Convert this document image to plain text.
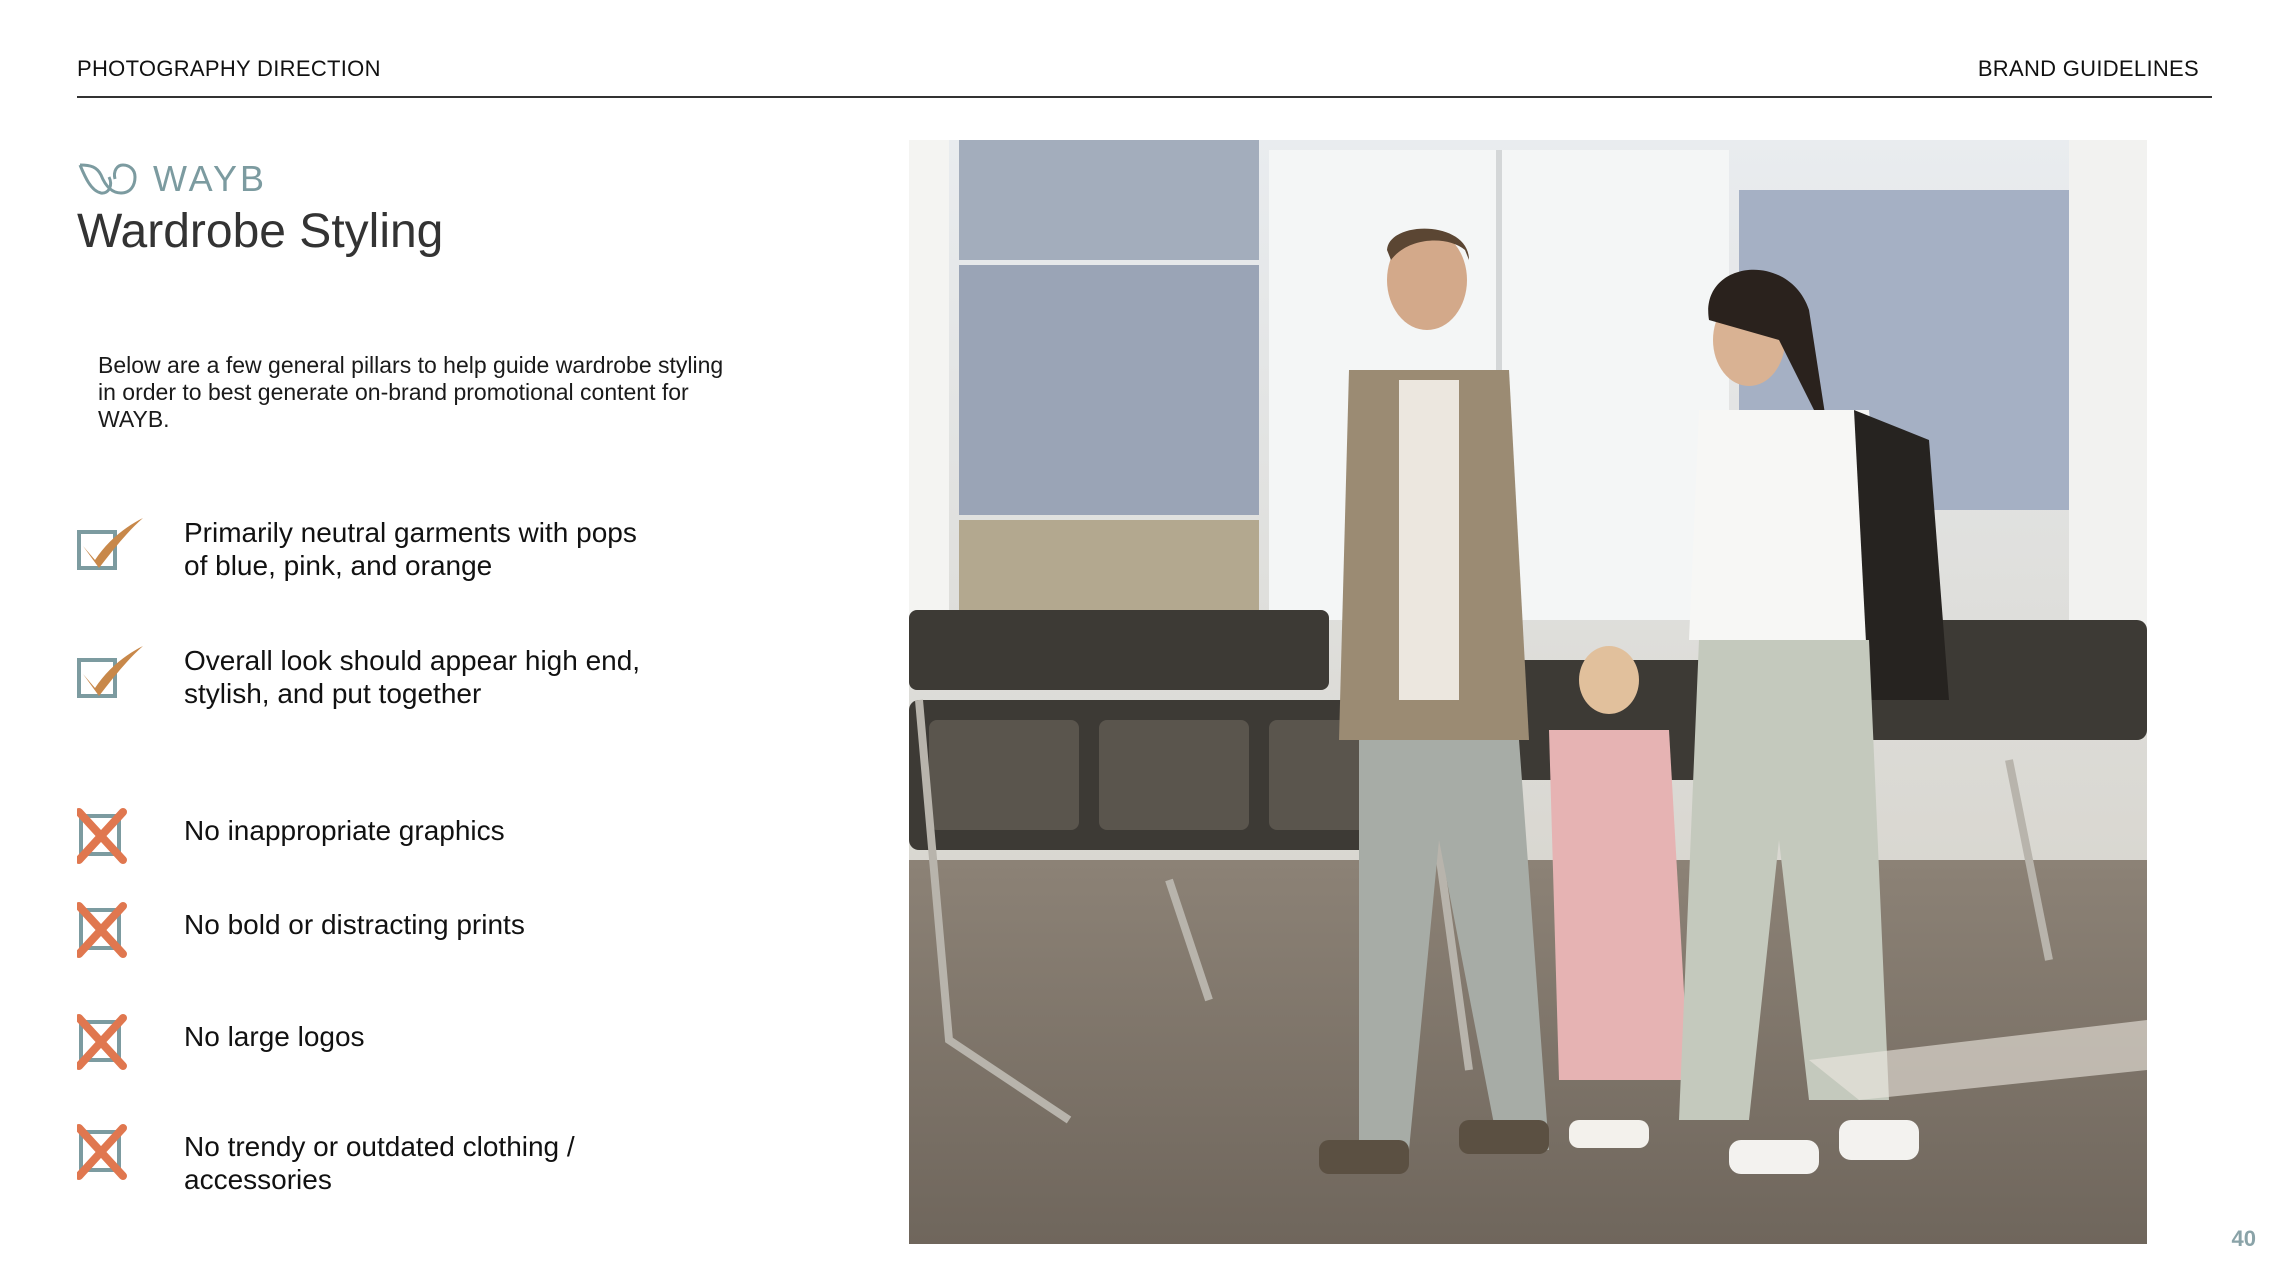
PHOTOGRAPHY DIRECTION	BRAND GUIDELINES
WAYB
Wardrobe Styling

Below are a few general pillars to help guide wardrobe styling in order to best generate on-brand promotional content for WAYB.

Primarily neutral garments with pops of blue, pink, and orange
Overall look should appear high end, stylish, and put together
No inappropriate graphics
No bold or distracting prints
No large logos
No trendy or outdated clothing / accessories
40
